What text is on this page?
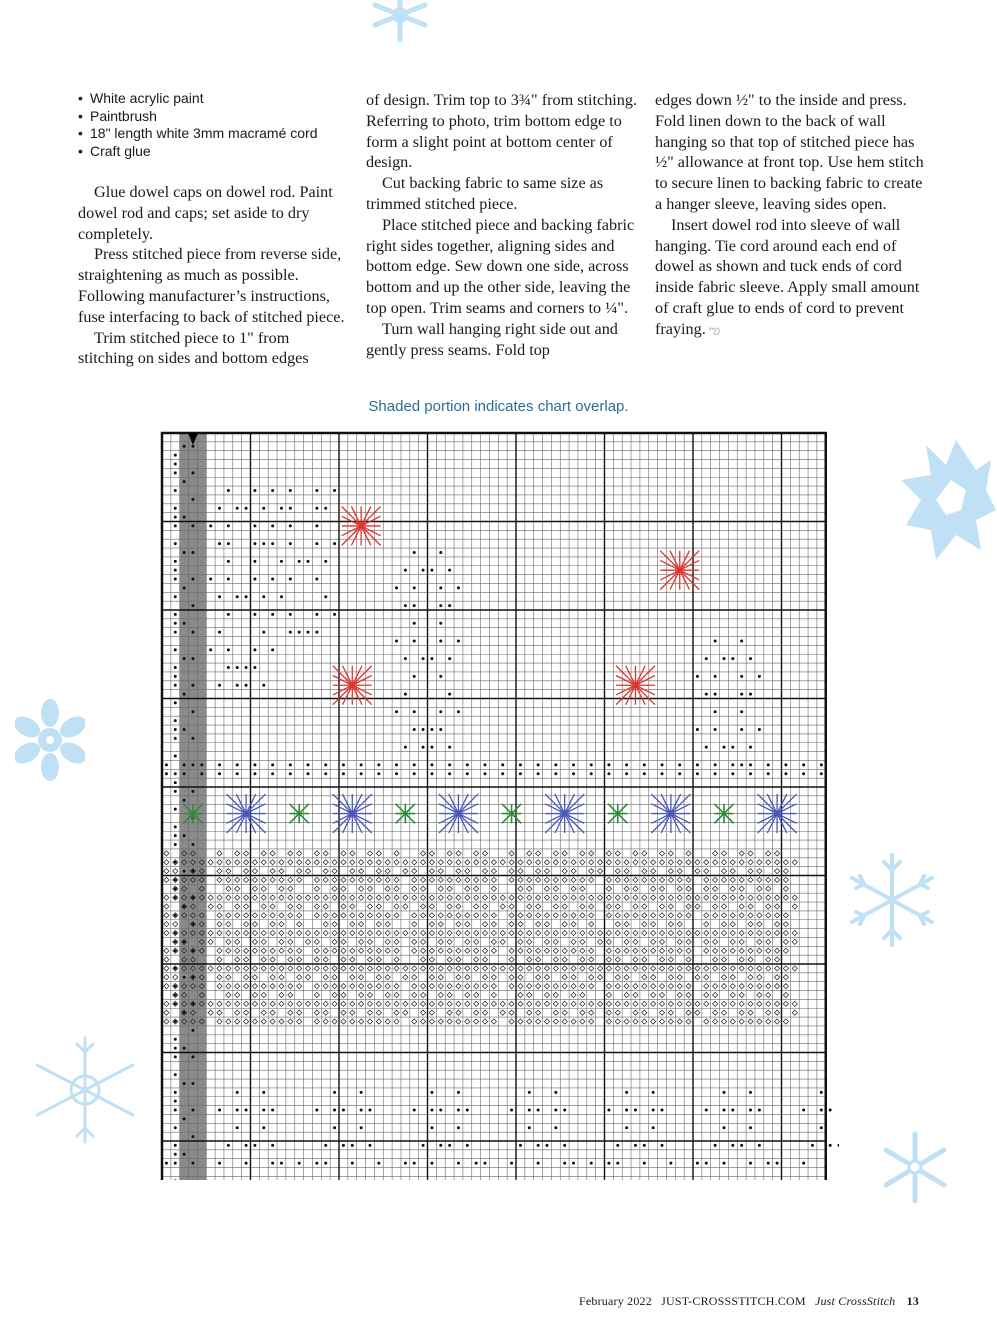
• White acrylic paint
• Paintbrush
• 18" length white 3mm macramé cord
• Craft glue

Glue dowel caps on dowel rod. Paint dowel rod and caps; set aside to dry completely.

Press stitched piece from reverse side, straightening as much as possible. Following manufacturer’s instructions, fuse interfacing to back of stitched piece.

Trim stitched piece to 1" from stitching on sides and bottom edges

of design. Trim top to 3¾" from stitching. Referring to photo, trim bottom edge to form a slight point at bottom center of design.

Cut backing fabric to same size as trimmed stitched piece.

Place stitched piece and backing fabric right sides together, aligning sides and bottom edge. Sew down one side, across bottom and up the other side, leaving the top open. Trim seams and corners to ¼".

Turn wall hanging right side out and gently press seams. Fold top

edges down ½" to the inside and press. Fold linen down to the back of wall hanging so that top of stitched piece has ½" allowance at front top. Use hem stitch to secure linen to backing fabric to create a hanger sleeve, leaving sides open.

Insert dowel rod into sleeve of wall hanging. Tie cord around each end of dowel as shown and tuck ends of cord inside fabric sleeve. Apply small amount of craft glue to ends of cord to prevent fraying. ఌ

Shaded portion indicates chart overlap.
February 2022 JUST-CROSSSTITCH.COM Just CrossStitch 13
